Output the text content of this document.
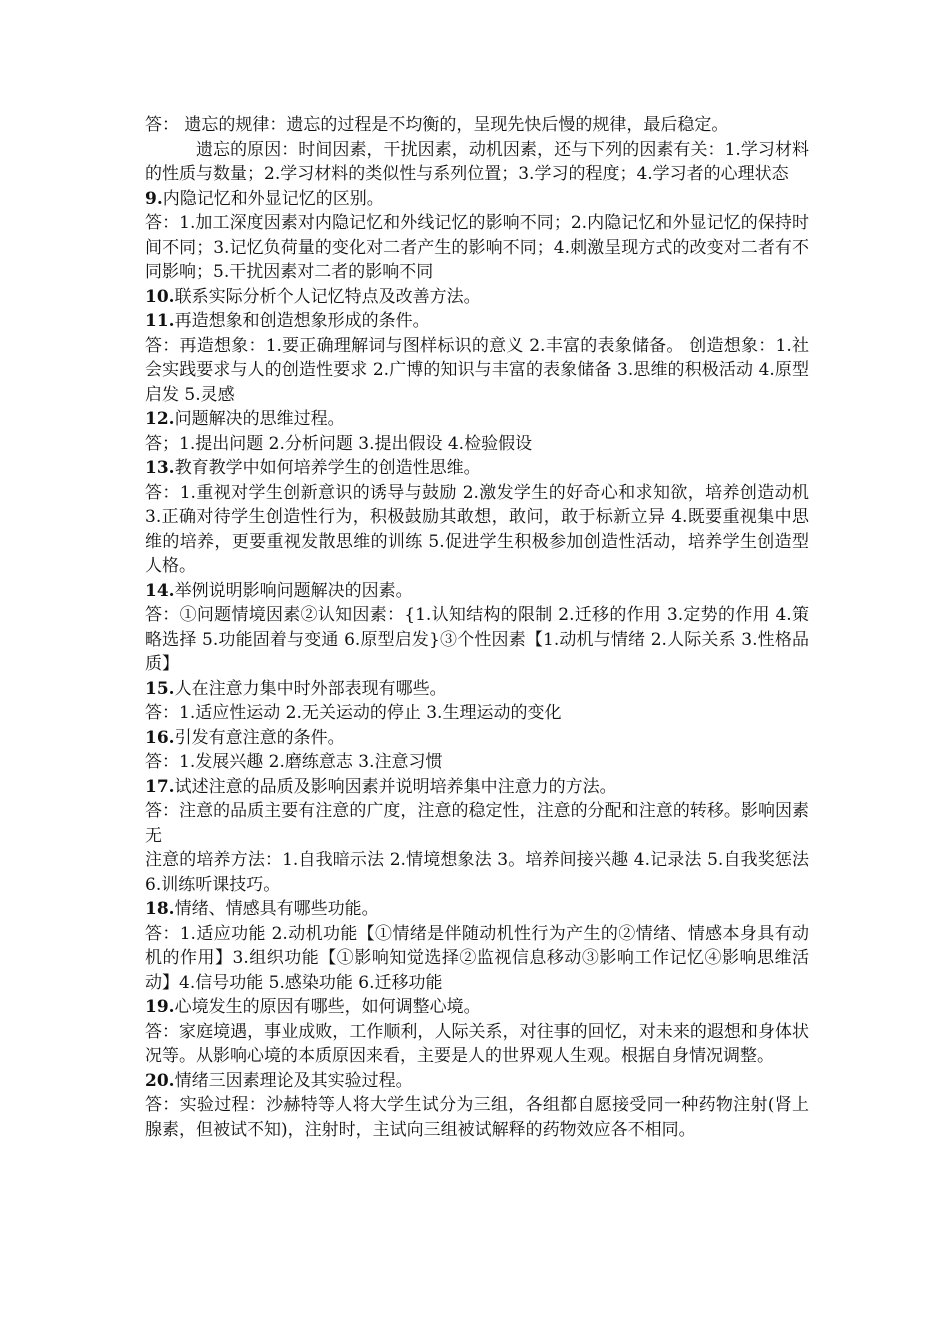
答： 遗忘的规律：遗忘的过程是不均衡的，呈现先快后慢的规律，最后稳定。

遗忘的原因：时间因素，干扰因素，动机因素，还与下列的因素有关：1.学习材料的性质与数量；2.学习材料的类似性与系列位置；3.学习的程度；4.学习者的心理状态

9.内隐记忆和外显记忆的区别。

答：1.加工深度因素对内隐记忆和外线记忆的影响不同；2.内隐记忆和外显记忆的保持时间不同；3.记忆负荷量的变化对二者产生的影响不同；4.刺激呈现方式的改变对二者有不同影响；5.干扰因素对二者的影响不同

10.联系实际分析个人记忆特点及改善方法。

11.再造想象和创造想象形成的条件。

答：再造想象：1.要正确理解词与图样标识的意义 2.丰富的表象储备。 创造想象：1.社会实践要求与人的创造性要求 2.广博的知识与丰富的表象储备 3.思维的积极活动 4.原型启发 5.灵感

12.问题解决的思维过程。

答；1.提出问题 2.分析问题 3.提出假设 4.检验假设

13.教育教学中如何培养学生的创造性思维。

答：1.重视对学生创新意识的诱导与鼓励 2.激发学生的好奇心和求知欲，培养创造动机 3.正确对待学生创造性行为，积极鼓励其敢想，敢问，敢于标新立异 4.既要重视集中思维的培养，更要重视发散思维的训练 5.促进学生积极参加创造性活动，培养学生创造型人格。

14.举例说明影响问题解决的因素。

答：①问题情境因素②认知因素：{1.认知结构的限制 2.迁移的作用 3.定势的作用 4.策略选择 5.功能固着与变通 6.原型启发}③个性因素【1.动机与情绪 2.人际关系 3.性格品质】

15.人在注意力集中时外部表现有哪些。

答：1.适应性运动 2.无关运动的停止 3.生理运动的变化

16.引发有意注意的条件。

答：1.发展兴趣 2.磨练意志 3.注意习惯

17.试述注意的品质及影响因素并说明培养集中注意力的方法。

答：注意的品质主要有注意的广度，注意的稳定性，注意的分配和注意的转移。影响因素无

注意的培养方法：1.自我暗示法 2.情境想象法 3。培养间接兴趣 4.记录法 5.自我奖惩法 6.训练听课技巧。

18.情绪、情感具有哪些功能。

答：1.适应功能 2.动机功能【①情绪是伴随动机性行为产生的②情绪、情感本身具有动机的作用】3.组织功能【①影响知觉选择②监视信息移动③影响工作记忆④影响思维活动】4.信号功能 5.感染功能 6.迁移功能

19.心境发生的原因有哪些，如何调整心境。

答：家庭境遇，事业成败，工作顺利，人际关系，对往事的回忆，对未来的遐想和身体状况等。从影响心境的本质原因来看，主要是人的世界观人生观。根据自身情况调整。

20.情绪三因素理论及其实验过程。

答：实验过程：沙赫特等人将大学生试分为三组，各组都自愿接受同一种药物注射(肾上腺素，但被试不知)，注射时，主试向三组被试解释的药物效应各不相同。
